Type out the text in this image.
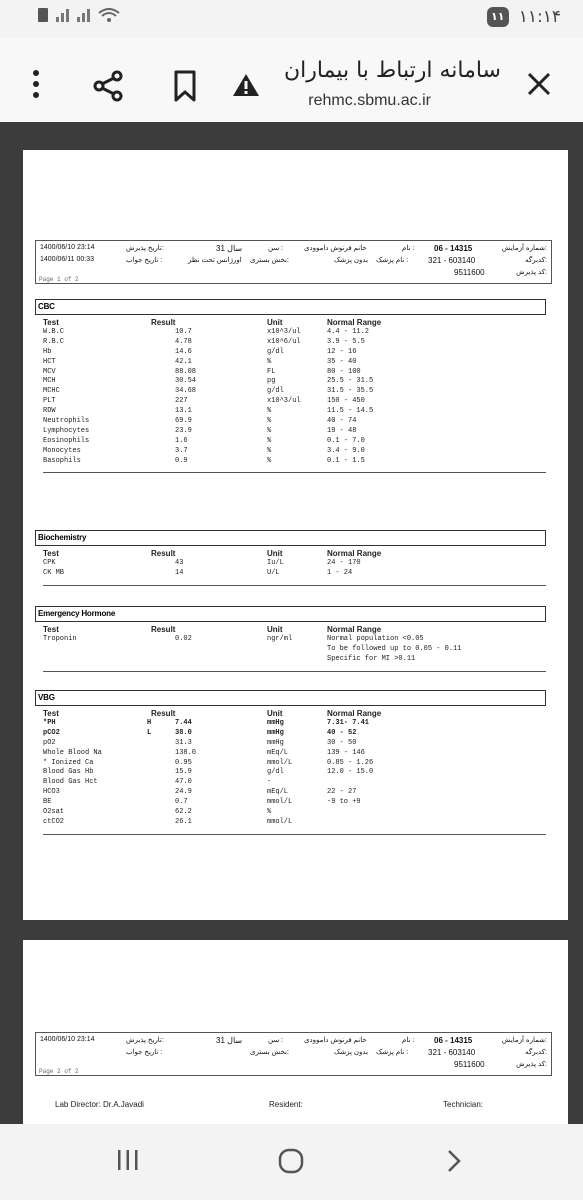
۱۱ ۱۱:۱۴
سامانه ارتباط با بیماران
rehmc.sbmu.ac.ir
شماره آزمایش:
06 - 14315
نام :
خانم فرنوش داموودی
سن :
31 سال
تاریخ پذیرش:
1400/06/10 23:14
کدبرگه:
321 - 603140
نام پزشک :
بدون پزشک
بخش بستری:
اورژانس تحت نظر
تاریخ جواب :
1400/06/11 00:33
کد پذیرش:
9511600
Page 1 of 2
CBC
Test	Result	Unit	Normal Range
W.B.C	10.7	x10^3/ul	4.4 - 11.2
R.B.C	4.78	x10^6/ul	3.9 - 5.5
Hb	14.6	g/dl	12 - 16
HCT	42.1	%	35 - 40
MCV	88.08	FL	80 - 100
MCH	30.54	pg	25.5 - 31.5
MCHC	34.68	g/dl	31.5 - 35.5
PLT	227	x10^3/ul	150 - 450
RDW	13.1	%	11.5 - 14.5
Neutrophils	69.9	%	40 - 74
Lymphocytes	23.9	%	19 - 48
Eosinophils	1.6	%	0.1 - 7.0
Monocytes	3.7	%	3.4 - 9.0
Basophils	0.9	%	0.1 - 1.5
Biochemistry
Test	Result	Unit	Normal Range
CPK	43	Iu/L	24 - 170
CK MB	14	U/L	1 - 24
Emergency Hormone
Test	Result	Unit	Normal Range
Troponin	0.02	ngr/ml	Normal population <0.05
To be followed up to 0.05 - 0.11
Specific for MI >0.11
VBG
Test	Result	Unit	Normal Range
*PH	H	7.44	mmHg	7.31- 7.41
pCO2	L	38.0	mmHg	40 - 52
pO2	31.3	mmHg	30 - 50
Whole Blood Na	138.0	mEq/L	139 - 146
* Ionized Ca	0.95	mmol/L	0.85 - 1.26
Blood Gas Hb	15.9	g/dl	12.0 - 15.0
Blood Gas Hct	47.0	-
HCO3	24.9	mEq/L	22 - 27
BE	0.7	mmol/L	-9 to +9
O2sat	62.2	%
ctCO2	26.1	mmol/L
شماره آزمایش:
06 - 14315
نام :
خانم فرنوش داموودی
سن :
31 سال
تاریخ پذیرش:
1400/06/10 23:14
کدبرگه:
321 - 603140
نام پزشک :
بدون پزشک
بخش بستری:
تاریخ جواب :
کد پذیرش:
9511600
Page 2 of 2
Lab Director: Dr.A.Javadi	Resident:	Technician:
